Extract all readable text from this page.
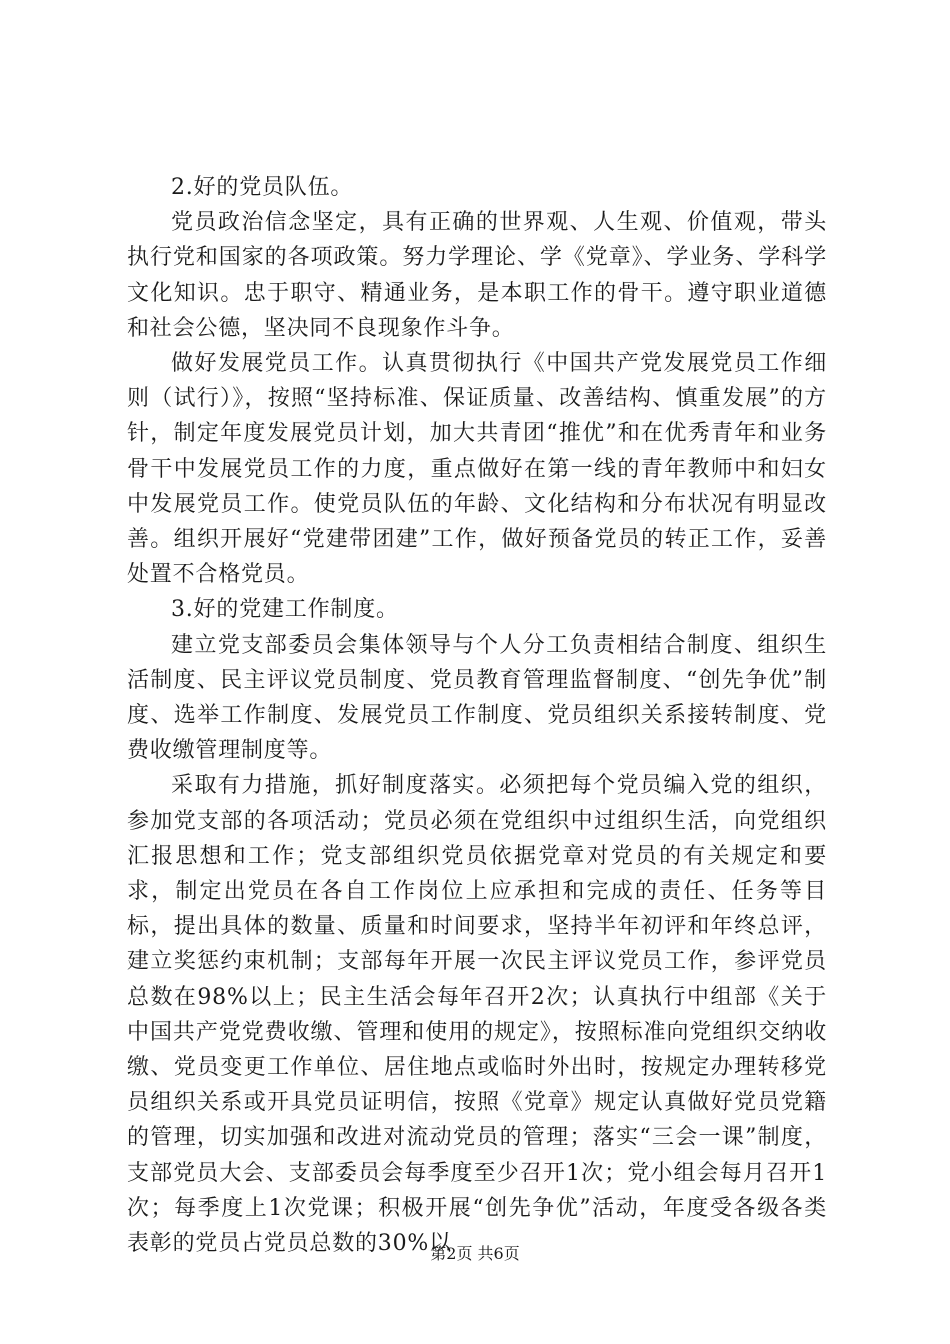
2.好的党员队伍。

党员政治信念坚定，具有正确的世界观、人生观、价值观，带头执行党和国家的各项政策。努力学理论、学《党章》、学业务、学科学文化知识。忠于职守、精通业务，是本职工作的骨干。遵守职业道德和社会公德，坚决同不良现象作斗争。

做好发展党员工作。认真贯彻执行《中国共产党发展党员工作细则（试行）》，按照“坚持标准、保证质量、改善结构、慎重发展”的方针，制定年度发展党员计划，加大共青团“推优”和在优秀青年和业务骨干中发展党员工作的力度，重点做好在第一线的青年教师中和妇女中发展党员工作。使党员队伍的年龄、文化结构和分布状况有明显改善。组织开展好“党建带团建”工作，做好预备党员的转正工作，妥善处置不合格党员。

3.好的党建工作制度。

建立党支部委员会集体领导与个人分工负责相结合制度、组织生活制度、民主评议党员制度、党员教育管理监督制度、“创先争优”制度、选举工作制度、发展党员工作制度、党员组织关系接转制度、党费收缴管理制度等。

采取有力措施，抓好制度落实。必须把每个党员编入党的组织，参加党支部的各项活动；党员必须在党组织中过组织生活，向党组织汇报思想和工作；党支部组织党员依据党章对党员的有关规定和要求，制定出党员在各自工作岗位上应承担和完成的责任、任务等目标，提出具体的数量、质量和时间要求，坚持半年初评和年终总评，建立奖惩约束机制；支部每年开展一次民主评议党员工作，参评党员总数在98%以上；民主生活会每年召开2次；认真执行中组部《关于中国共产党党费收缴、管理和使用的规定》，按照标准向党组织交纳收缴、党员变更工作单位、居住地点或临时外出时，按规定办理转移党员组织关系或开具党员证明信，按照《党章》规定认真做好党员党籍的管理，切实加强和改进对流动党员的管理；落实“三会一课”制度，支部党员大会、支部委员会每季度至少召开1次；党小组会每月召开1次；每季度上1次党课；积极开展“创先争优”活动，年度受各级各类表彰的党员占党员总数的30%以

第2页 共6页
